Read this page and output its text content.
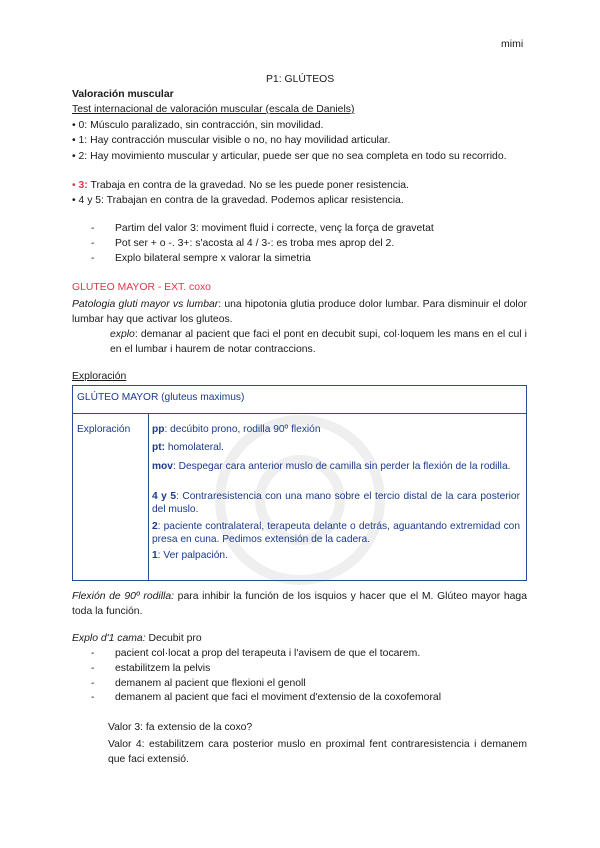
mimi
P1: GLÚTEOS
Valoración muscular
Test internacional de valoración muscular (escala de Daniels)
• 0: Músculo paralizado, sin contracción, sin movilidad.
• 1: Hay contracción muscular visible o no, no hay movilidad articular.
• 2: Hay movimiento muscular y articular, puede ser que no sea completa en todo su recorrido.
• 3: Trabaja en contra de la gravedad. No se les puede poner resistencia.
• 4 y 5: Trabajan en contra de la gravedad. Podemos aplicar resistencia.
- Partim del valor 3: moviment fluid i correcte, venç la força de gravetat
- Pot ser + o -. 3+: s'acosta al 4 / 3-: es troba mes aprop del 2.
- Explo bilateral sempre x valorar la simetria
GLUTEO MAYOR - EXT. coxo
Patologia gluti mayor vs lumbar: una hipotonia glutia produce dolor lumbar. Para disminuir el dolor lumbar hay que activar los gluteos.
explo: demanar al pacient que faci el pont en decubit supi, col·loquem les mans en el cul i en el lumbar i haurem de notar contraccions.
Exploración
GLÚTEO MAYOR (gluteus maximus)
Exploración pp: decúbito prono, rodilla 90º flexión
pt: homolateral.
mov: Despegar cara anterior muslo de camilla sin perder la flexión de la rodilla.
4 y 5: Contraresistencia con una mano sobre el tercio distal de la cara posterior del muslo.
2: paciente contralateral, terapeuta delante o detrás, aguantando extremidad con presa en cuna. Pedimos extensión de la cadera.
1: Ver palpación.
Flexión de 90º rodilla: para inhibir la función de los isquios y hacer que el M. Glúteo mayor haga toda la función.
Explo d'1 cama: Decubit pro
- pacient col·locat a prop del terapeuta i l'avisem de que el tocarem.
- estabilitzem la pelvis
- demanem al pacient que flexioni el genoll
- demanem al pacient que faci el moviment d'extensio de la coxofemoral
Valor 3: fa extensio de la coxo?
Valor 4: estabilitzem cara posterior muslo en proximal fent contraresistencia i demanem que faci extensió.
